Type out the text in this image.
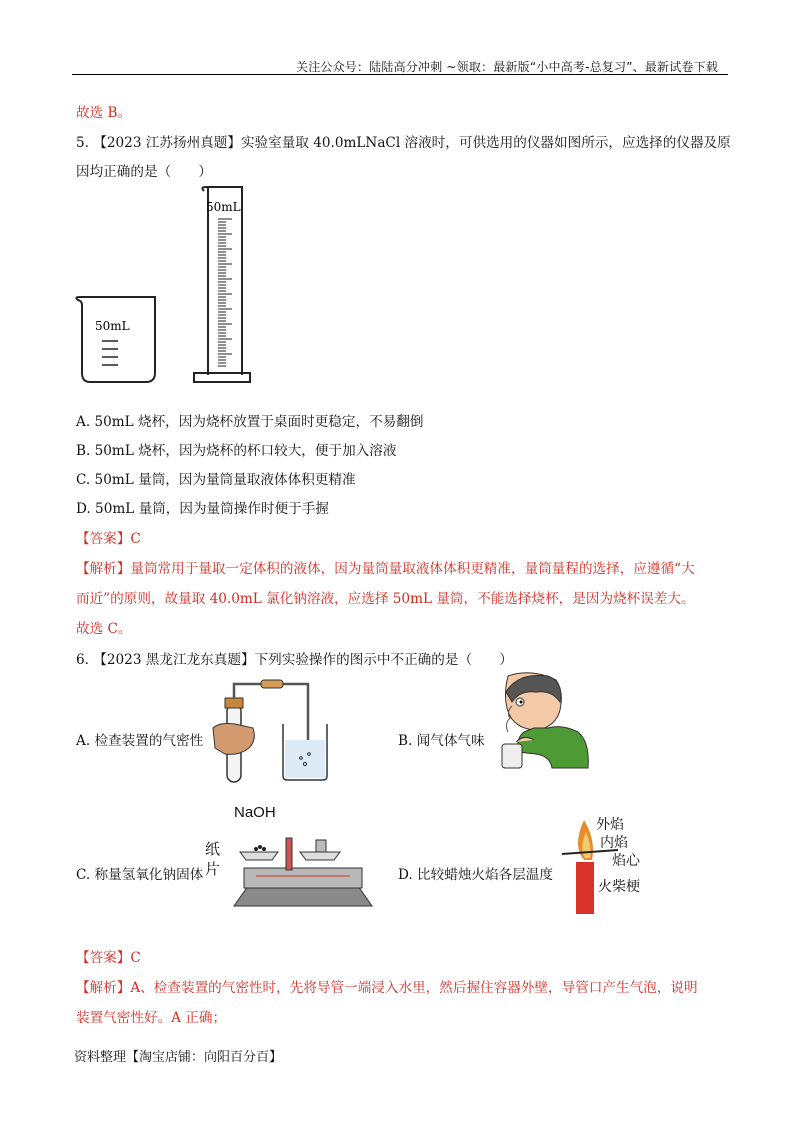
关注公众号：陆陆高分冲刺 ~领取：最新版“小中高考-总复习”、最新试卷下载
故选 B。
5. 【2023 江苏扬州真题】实验室量取 40.0mLNaCl 溶液时，可供选用的仪器如图所示，应选择的仪器及原
因均正确的是（　　）
50mL
50mL
A. 50mL 烧杯，因为烧杯放置于桌面时更稳定，不易翻倒
B. 50mL 烧杯，因为烧杯的杯口较大，便于加入溶液
C. 50mL 量筒，因为量筒量取液体体积更精准
D. 50mL 量筒，因为量筒操作时便于手握
【答案】C
【解析】量筒常用于量取一定体积的液体，因为量筒量取液体体积更精准，量筒量程的选择，应遵循“大
而近”的原则，故量取 40.0mL 氯化钠溶液，应选择 50mL 量筒，不能选择烧杯，是因为烧杯误差大。
故选 C。
6. 【2023 黑龙江龙东真题】下列实验操作的图示中不正确的是（　　）
A. 检查装置的气密性	B. 闻气体气味
C. 称量氢氧化钠固体
纸
片
NaOH
D. 比较蜡烛火焰各层温度
外焰
内焰
焰心
火柴梗
【答案】C
【解析】A、检查装置的气密性时，先将导管一端浸入水里，然后握住容器外壁，导管口产生气泡，说明
装置气密性好。A 正确；
资料整理【淘宝店铺：向阳百分百】
